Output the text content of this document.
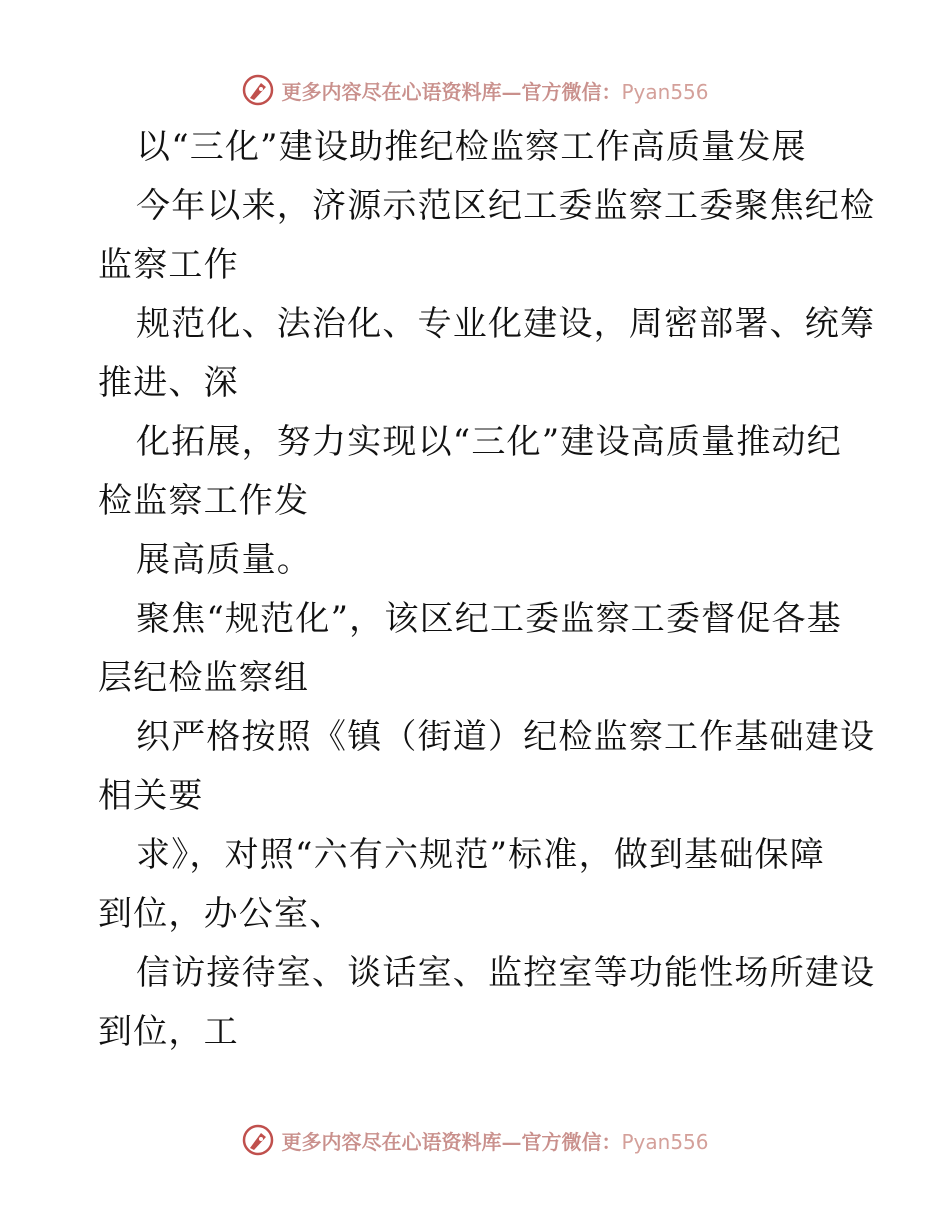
更多内容尽在心语资料库—官方微信：Pyan556
以“三化”建设助推纪检监察工作高质量发展
今年以来，济源示范区纪工委监察工委聚焦纪检
监察工作
规范化、法治化、专业化建设，周密部署、统筹
推进、深
化拓展，努力实现以“三化”建设高质量推动纪
检监察工作发
展高质量。
聚焦“规范化”，该区纪工委监察工委督促各基
层纪检监察组
织严格按照《镇（街道）纪检监察工作基础建设
相关要
求》，对照“六有六规范”标准，做到基础保障
到位，办公室、
信访接待室、谈话室、监控室等功能性场所建设
到位，工
更多内容尽在心语资料库—官方微信：Pyan556
